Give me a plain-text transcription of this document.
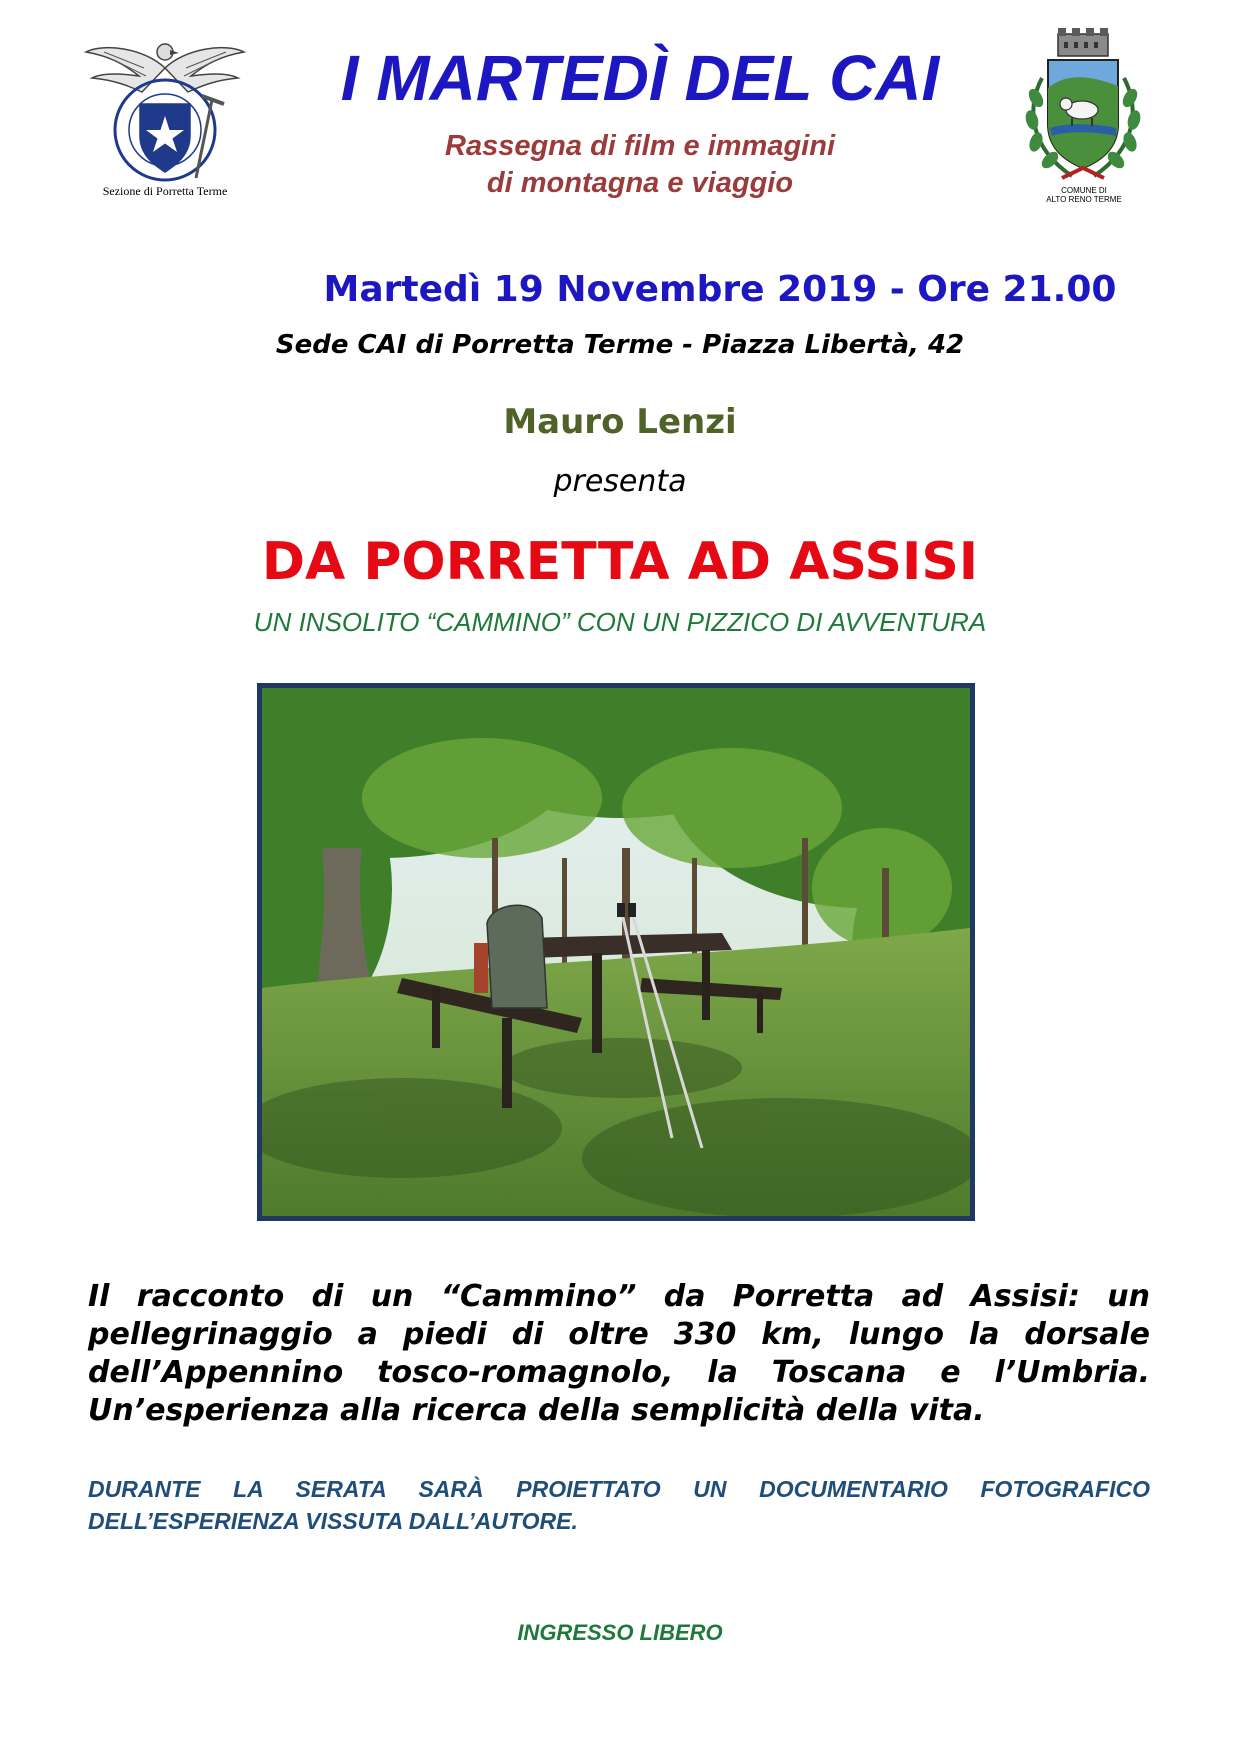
Sezione di Porretta Terme
I MARTEDÌ DEL CAI
Rassegna di film e immagini
di montagna e viaggio	COMUNE DI
ALTO RENO TERME
Martedì 19 Novembre 2019 - Ore 21.00
Sede CAI di Porretta Terme - Piazza Libertà, 42
Mauro Lenzi
presenta
DA PORRETTA AD ASSISI
UN INSOLITO “CAMMINO” CON UN PIZZICO DI AVVENTURA
Il racconto di un “Cammino” da Porretta ad Assisi: un pellegrinaggio a piedi di oltre 330 km, lungo la dorsale dell’Appennino tosco-romagnolo, la Toscana e l’Umbria. Un’esperienza alla ricerca della semplicità della vita.
DURANTE LA SERATA SARÀ PROIETTATO UN DOCUMENTARIO FOTOGRAFICO DELL’ESPERIENZA VISSUTA DALL’AUTORE.
INGRESSO LIBERO
